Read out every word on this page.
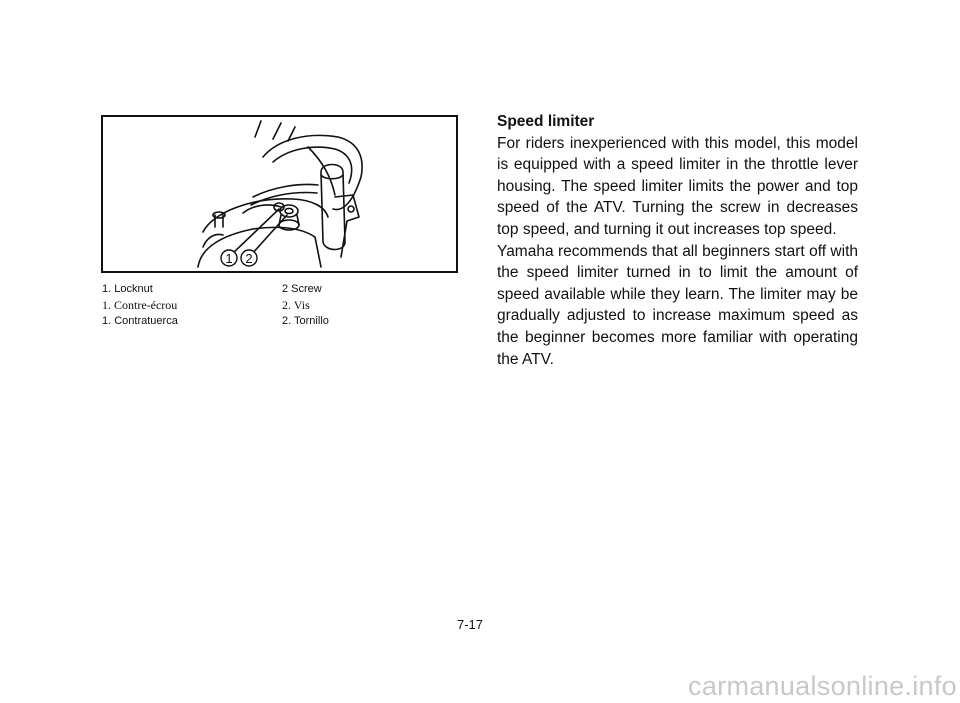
1 2
1. Locknut	2 Screw
1. Contre-écrou	2. Vis
1. Contratuerca	2. Tornillo
Speed limiter

For riders inexperienced with this model, this model is equipped with a speed limiter in the throttle lever housing. The speed limiter limits the power and top speed of the ATV. Turning the screw in decreases top speed, and turning it out increases top speed.

Yamaha recommends that all beginners start off with the speed limiter turned in to limit the amount of speed available while they learn. The limiter may be gradually adjusted to increase maximum speed as the beginner becomes more familiar with operating the ATV.

7-17
carmanualsonline.info
